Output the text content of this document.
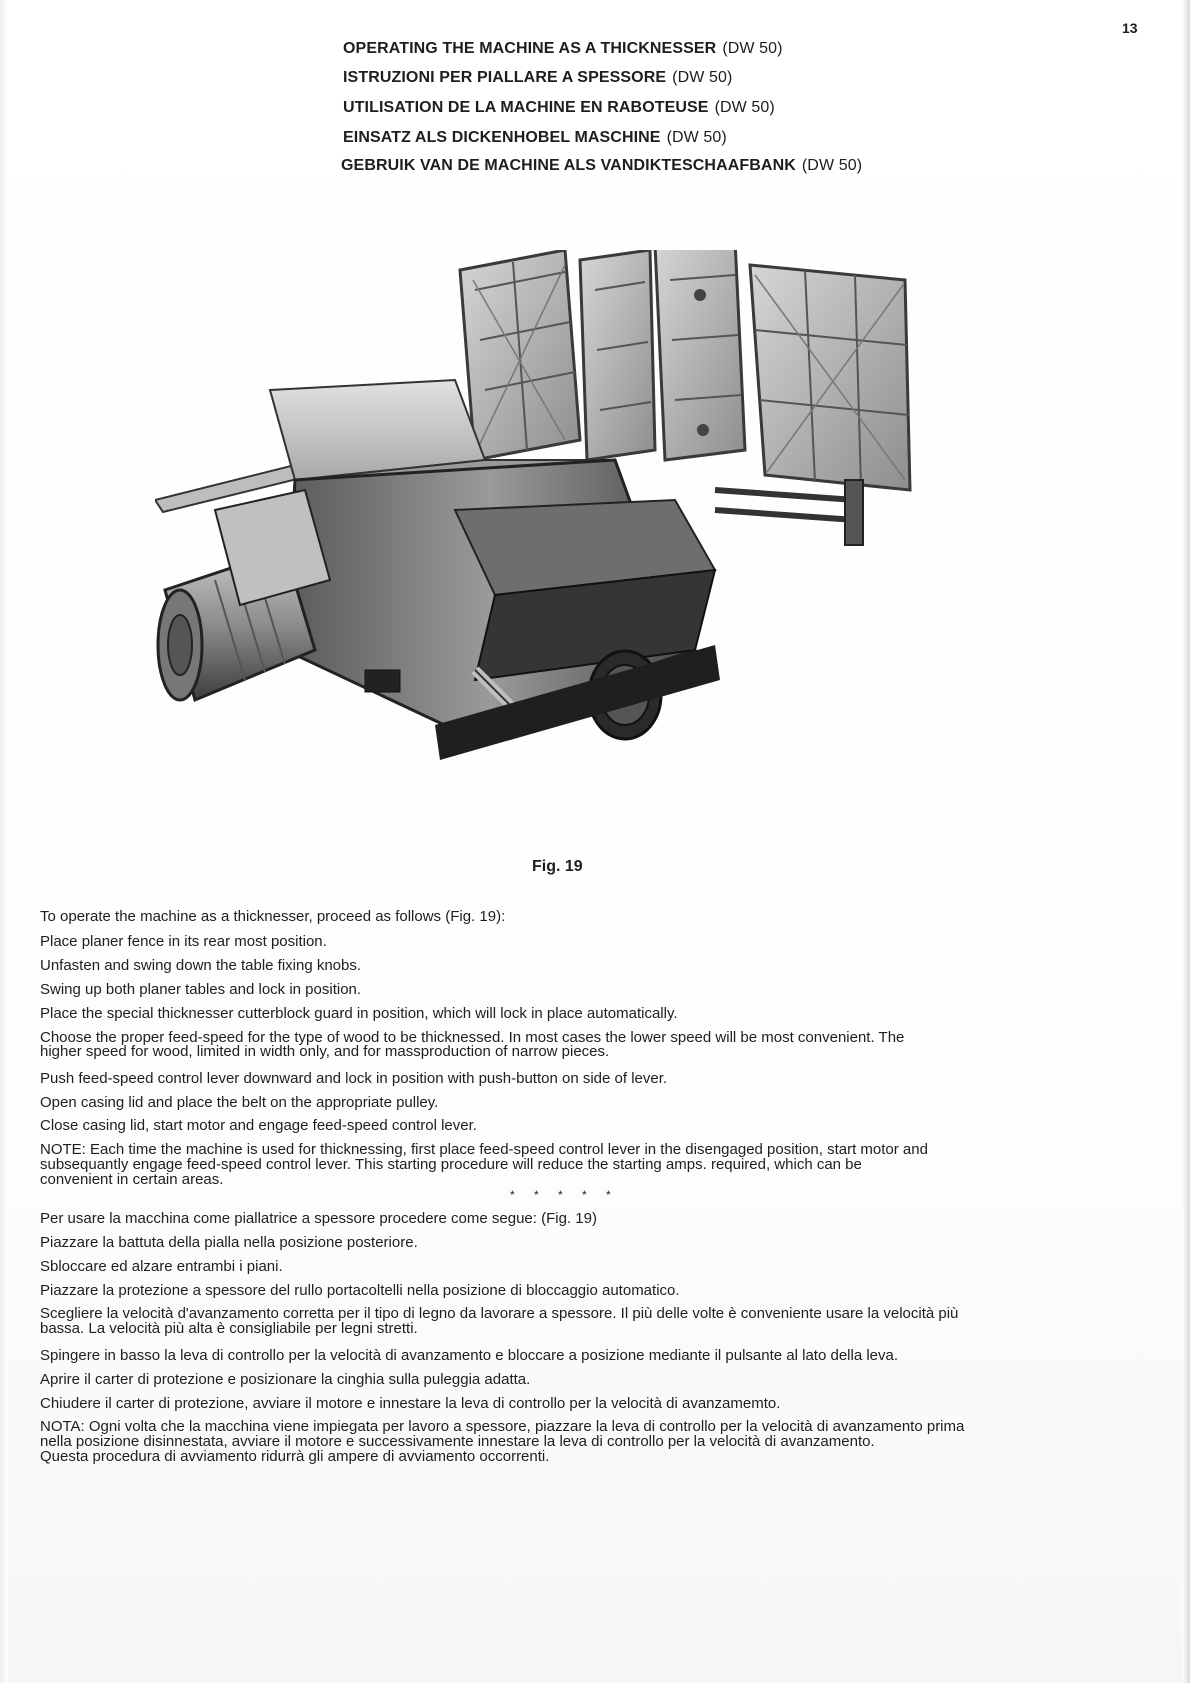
13
OPERATING THE MACHINE AS A THICKNESSER (DW 50)
ISTRUZIONI PER PIALLARE A SPESSORE (DW 50)
UTILISATION DE LA MACHINE EN RABOTEUSE (DW 50)
EINSATZ ALS DICKENHOBEL MASCHINE (DW 50)
GEBRUIK VAN DE MACHINE ALS VANDIKTESCHAAFBANK (DW 50)
Fig. 19
To operate the machine as a thicknesser, proceed as follows (Fig. 19):
Place planer fence in its rear most position.
Unfasten and swing down the table fixing knobs.
Swing up both planer tables and lock in position.
Place the special thicknesser cutterblock guard in position, which will lock in place automatically.
Choose the proper feed-speed for the type of wood to be thicknessed. In most cases the lower speed will be most convenient. The
higher speed for wood, limited in width only, and for massproduction of narrow pieces.
Push feed-speed control lever downward and lock in position with push-button on side of lever.
Open casing lid and place the belt on the appropriate pulley.
Close casing lid, start motor and engage feed-speed control lever.
NOTE: Each time the machine is used for thicknessing, first place feed-speed control lever in the disengaged position, start motor and
subsequantly engage feed-speed control lever. This starting procedure will reduce the starting amps. required, which can be
convenient in certain areas.
* * * * *
Per usare la macchina come piallatrice a spessore procedere come segue: (Fig. 19)
Piazzare la battuta della pialla nella posizione posteriore.
Sbloccare ed alzare entrambi i piani.
Piazzare la protezione a spessore del rullo portacoltelli nella posizione di bloccaggio automatico.
Scegliere la velocità d'avanzamento corretta per il tipo di legno da lavorare a spessore. Il più delle volte è conveniente usare la velocità più
bassa. La velocità più alta è consigliabile per legni stretti.
Spingere in basso la leva di controllo per la velocità di avanzamento e bloccare a posizione mediante il pulsante al lato della leva.
Aprire il carter di protezione e posizionare la cinghia sulla puleggia adatta.
Chiudere il carter di protezione, avviare il motore e innestare la leva di controllo per la velocità di avanzamemto.
NOTA: Ogni volta che la macchina viene impiegata per lavoro a spessore, piazzare la leva di controllo per la velocità di avanzamento prima
nella posizione disinnestata, avviare il motore e successivamente innestare la leva di controllo per la velocità di avanzamento.
Questa procedura di avviamento ridurrà gli ampere di avviamento occorrenti.
